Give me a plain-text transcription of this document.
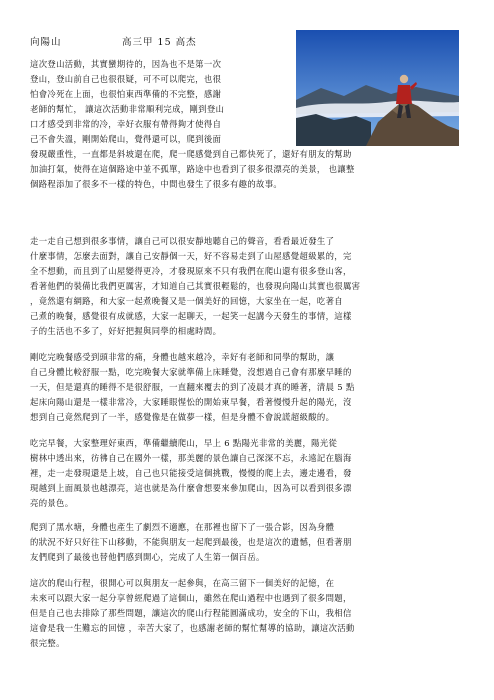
向陽山	高三甲 15 高杰

這次登山活動，其實蠻期待的，因為也不是第一次
登山，登山前自己也很很疑，可不可以爬完，也很
怕會冷死在上面，也很怕東西準備的不完整，感謝
老師的幫忙， 讓這次活動非常順利完成，剛到登山
口才感受到非常的冷，幸好衣服有帶得夠才使得自
己不會失溫，剛開始爬山，覺得還可以，爬到後面
發現嚴重性，一直都是斜坡還在爬，爬一爬感覺到自己都快死了，還好有朋友的幫助
加油打氣，使得在這個路途中並不孤單，路途中也看到了很多很漂亮的美景， 也讓整
個路程添加了很多不一樣的特色，中間也發生了很多有趣的故事。

走一走自己想到很多事情，讓自己可以很安靜地聽自己的聲音，看看最近發生了
什麼事情，怎麼去面對，讓自己安靜個一天，好不容易走到了山屋感覺超級累的，完
全不想動，而且到了山屋變得更冷，才發現原來不只有我們在爬山還有很多登山客，
看著他們的裝備比我們更厲害，才知道自己其實很輕鬆的，也發現向陽山其實也很厲害
，竟然還有網路，和大家一起煮晚餐又是一個美好的回憶，大家坐在一起，吃著自
己煮的晚餐，感覺很有成就感，大家一起聊天，一起笑一起講今天發生的事情，這樣
子的生活也不多了，好好把握與同學的相處時間。

剛吃完晚餐感受到頭非常的痛，身體也越來越冷，幸好有老師和同學的幫助，讓
自己身體比較舒服一點，吃完晚餐大家就準備上床睡覺，沒想過自己會有那麼早睡的
一天，但是還真的睡得不是很舒服，一直翻來覆去的到了凌晨才真的睡著，清晨 5 點
起床向陽山還是一樣非常冷，大家睡眼惺忪的開始東早餐，看著慢慢升起的陽光，沒
想到自己竟然爬到了一半，感覺像是在做夢一樣，但是身體不會說謊超級酸的。

吃完早餐，大家整理好東西，準備繼續爬山，早上 6 點陽光非常的美麗，陽光從
樹林中透出來，彷彿自己在國外一樣，那美麗的景色讓自己深深不忘，永遠記在腦海
裡，走一走發現還是上坡，自己也只能接受這個挑戰，慢慢的爬上去，邊走邊看，發
現越到上面風景也越漂亮，這也就是為什麼會想要來參加爬山，因為可以看到很多漂
亮的景色。

爬到了黑水塘，身體也產生了劇烈不適應，在那裡也留下了一張合影，因為身體
的狀況不好只好往下山移動，不能與朋友一起爬到最後，也是這次的遺憾，但看著朋
友們爬到了最後也替他們感到開心，完成了人生第一個百岳。

這次的爬山行程，很開心可以與朋友一起參與，在高三留下一個美好的記憶，在
未來可以跟大家一起分享曾經爬過了這個山，雖然在爬山過程中也遇到了很多問題，
但是自己也去排除了那些問題，讓這次的爬山行程能圓滿成功，安全的下山，我相信
這會是我一生難忘的回憶 ，幸苦大家了，也感謝老師的幫忙幫導的協助，讓這次活動
很完整。
